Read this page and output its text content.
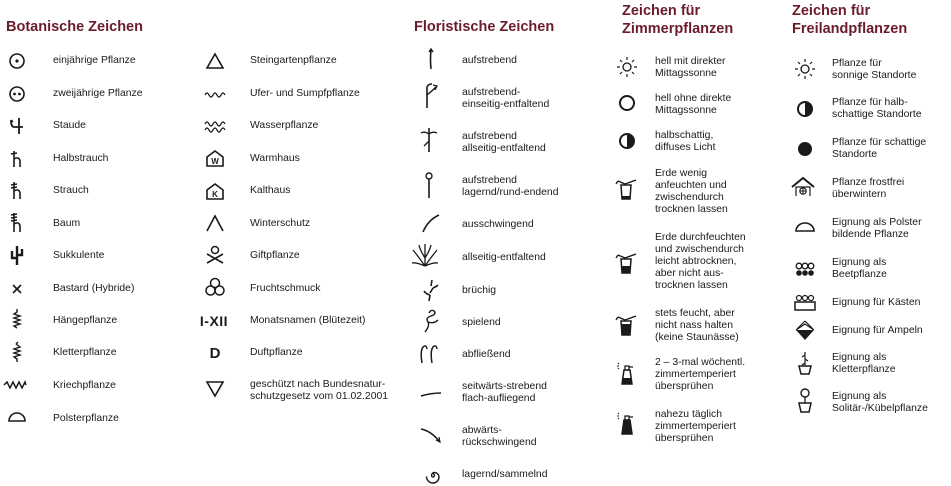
Botanische Zeichen	Floristische Zeichen
Zeichen für
Zimmerpflanzen
Zeichen für
Freilandpflanzen
einjährige Pflanze
zweijährige Pflanze
Staude
Halbstrauch
Strauch
Baum
Sukkulente
Bastard (Hybride)
Hängepflanze
Kletterpflanze
Kriechpflanze
Polsterpflanze
Steingartenpflanze
Ufer- und Sumpfpflanze
Wasserpflanze
W	Warmhaus
K	Kalthaus
Winterschutz
Giftpflanze
Fruchtschmuck
I-XII Monatsnamen (Blütezeit)
D	Duftpflanze
geschützt nach Bundesnatur-
schutzgesetz vom 01.02.2001
aufstrebend
aufstrebend-
einseitig-entfaltend
aufstrebend
allseitig-entfaltend
aufstrebend
lagernd/rund-endend
ausschwingend
allseitig-entfaltend
brüchig
spielend
abfließend
seitwärts-strebend
flach-aufliegend
abwärts-
rückschwingend
lagernd/sammelnd
hell mit direkter
Mittagssonne
hell ohne direkte
Mittagssonne
halbschattig,
diffuses Licht
Erde wenig
anfeuchten und
zwischendurch
trocknen lassen
Erde durchfeuchten
und zwischendurch
leicht abtrocknen,
aber nicht aus-
trocknen lassen
stets feucht, aber
nicht nass halten
(keine Staunässe)
2 – 3-mal wöchentl.
zimmertemperiert
übersprühen
nahezu täglich
zimmertemperiert
übersprühen
Pflanze für
sonnige Standorte
Pflanze für halb-
schattige Standorte
Pflanze für schattige
Standorte
Pflanze frostfrei
überwintern
Eignung als Polster
bildende Pflanze
Eignung als
Beetpflanze
Eignung für Kästen
Eignung für Ampeln
Eignung als
Kletterpflanze
Eignung als
Solitär-/Kübelpflanze
